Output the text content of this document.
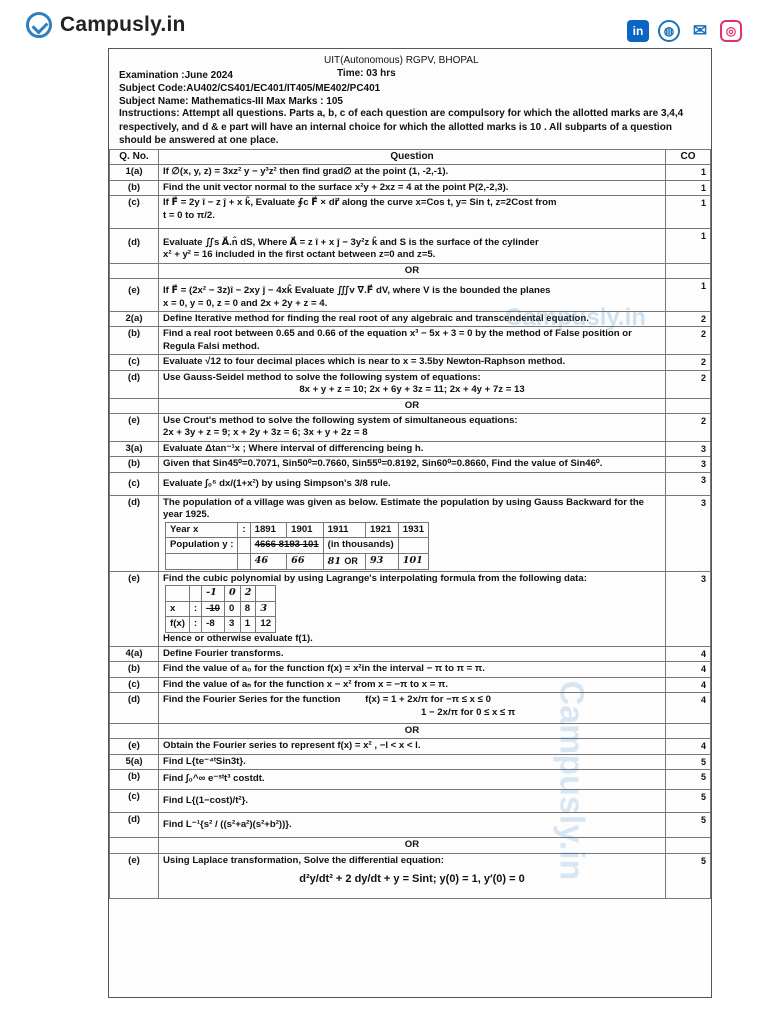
Campusly.in	in	◍	✉	◎
UIT(Autonomous) RGPV, BHOPAL
Examination :June 2024	Time: 03 hrs
Subject Code:AU402/CS401/EC401/IT405/ME402/PC401
Subject Name: Mathematics-III Max Marks : 105
Instructions: Attempt all questions. Parts a, b, c of each question are compulsory for which the allotted marks are 3,4,4 respectively, and d & e part will have an internal choice for which the allotted marks is 10 . All subparts of a question should be answered at one place.
Q. No.	Question	CO
1(a)	If ∅(x, y, z) = 3xz² y − y³z² then find grad∅ at the point (1, -2,-1).	1
(b)	Find the unit vector normal to the surface x²y + 2xz = 4 at the point P(2,-2,3).	1
(c)	If F⃗ = 2y î − z ĵ + x k̂, Evaluate ∮c F⃗ × dr⃗ along the curve x=Cos t, y= Sin t, z=2Cost from
t = 0 to π/2.	1
(d)	Evaluate ∬s A⃗.n̂ dS, Where A⃗ = z î + x ĵ − 3y²z k̂ and S is the surface of the cylinder
x² + y² = 16 included in the first octant between z=0 and z=5.	1
	OR	
(e)	If F⃗ = (2x² − 3z)î − 2xy ĵ − 4xk̂ Evaluate ∭v ∇.F⃗ dV, where V is the bounded the planes
x = 0, y = 0, z = 0 and 2x + 2y + z = 4.	1
2(a)	Define Iterative method for finding the real root of any algebraic and transcendental equation.	2
(b)	Find a real root between 0.65 and 0.66 of the equation x³ − 5x + 3 = 0 by the method of False position or Regula Falsi method.	2
(c)	Evaluate √12 to four decimal places which is near to x = 3.5by Newton-Raphson method.	2
(d)	Use Gauss-Seidel method to solve the following system of equations:
8x + y + z = 10; 2x + 6y + 3z = 11; 2x + 4y + 7z = 13
	2
	OR	
(e)	Use Crout's method to solve the following system of simultaneous equations:
2x + 3y + z = 9; x + 2y + 3z = 6; 3x + y + 2z = 8	2
3(a)	Evaluate Δtan⁻¹x ; Where interval of differencing being h.	3
(b)	Given that Sin45⁰=0.7071, Sin50⁰=0.7660, Sin55⁰=0.8192, Sin60⁰=0.8660, Find the value of Sin46⁰.	3
(c)	Evaluate ∫₀⁶ dx/(1+x²) by using Simpson's 3/8 rule.	3
(d)	The population of a village was given as below. Estimate the population by using Gauss Backward for the year 1925.
Year x	:	1891	1901	1911	1921	1931
Population y :		4666 8193 101	(in thousands)	
		46	66	81 OR	93	101
	3
(e)	Find the cubic polynomial by using Lagrange's interpolating formula from the following data:
		-1	0	2	
x	:	-10	0	8	3
f(x)	:	-8	3	1	12
Hence or otherwise evaluate f(1).	3
4(a)	Define Fourier transforms.	4
(b)	Find the value of a₀ for the function f(x) = x²in the interval − π to π = π.	4
(c)	Find the value of aₙ for the function x − x² from x = −π to x = π.	4
(d)	Find the Fourier Series for the function	f(x) = 1 + 2x/π for −π ≤ x ≤ 0
1 − 2x/π for 0 ≤ x ≤ π	4
	OR	
(e)	Obtain the Fourier series to represent f(x) = x² , −l < x < l.	4
5(a)	Find L{te⁻⁴ᵗSin3t}.	5
(b)	Find ∫₀^∞ e⁻ˢᵗt³ costdt.	5
(c)	Find L{(1−cost)/t²}.	5
(d)	Find L⁻¹{s² / ((s²+a²)(s²+b²))}.	5
	OR	
(e)	Using Laplace transformation, Solve the differential equation:
d²y/dt² + 2 dy/dt + y = Sint; y(0) = 1, y′(0) = 0
	5
Campusly.in
Campusly.in
